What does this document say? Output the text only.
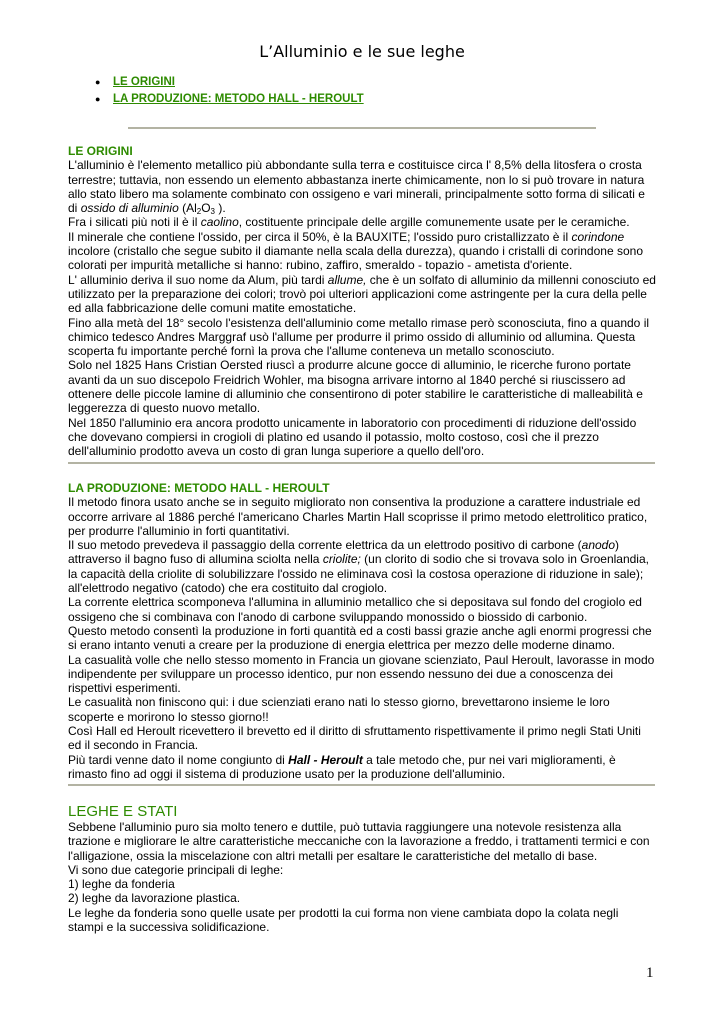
L’Alluminio e le sue leghe
● LE ORIGINI
● LA PRODUZIONE: METODO HALL - HEROULT

LE ORIGINI

L'alluminio è l'elemento metallico più abbondante sulla terra e costituisce circa l' 8,5% della litosfera o crosta terrestre; tuttavia, non essendo un elemento abbastanza inerte chimicamente, non lo si può trovare in natura allo stato libero ma solamente combinato con ossigeno e vari minerali, principalmente sotto forma di silicati e di ossido di alluminio ($Al_2O_3$ ).

Fra i silicati più noti il è il caolino, costituente principale delle argille comunemente usate per le ceramiche.

Il minerale che contiene l'ossido, per circa il 50%, è la BAUXITE; l'ossido puro cristallizzato è il corindone incolore (cristallo che segue subito il diamante nella scala della durezza), quando i cristalli di corindone sono colorati per impurità metalliche si hanno: rubino, zaffiro, smeraldo - topazio - ametista d'oriente.

L' alluminio deriva il suo nome da Alum, più tardi allume, che è un solfato di alluminio da millenni conosciuto ed utilizzato per la preparazione dei colori; trovò poi ulteriori applicazioni come astringente per la cura della pelle ed alla fabbricazione delle comuni matite emostatiche.

Fino alla metà del 18° secolo l'esistenza dell'alluminio come metallo rimase però sconosciuta, fino a quando il chimico tedesco Andres Marggraf usò l'allume per produrre il primo ossido di alluminio od allumina. Questa scoperta fu importante perché fornì la prova che l'allume conteneva un metallo sconosciuto.

Solo nel 1825 Hans Cristian Oersted riuscì a produrre alcune gocce di alluminio, le ricerche furono portate avanti da un suo discepolo Freidrich Wohler, ma bisogna arrivare intorno al 1840 perché si riuscissero ad ottenere delle piccole lamine di alluminio che consentirono di poter stabilire le caratteristiche di malleabilità e leggerezza di questo nuovo metallo.

Nel 1850 l'alluminio era ancora prodotto unicamente in laboratorio con procedimenti di riduzione dell'ossido che dovevano compiersi in crogioli di platino ed usando il potassio, molto costoso, così che il prezzo dell'alluminio prodotto aveva un costo di gran lunga superiore a quello dell'oro.

LA PRODUZIONE: METODO HALL - HEROULT

Il metodo finora usato anche se in seguito migliorato non consentiva la produzione a carattere industriale ed occorre arrivare al 1886 perché l'americano Charles Martin Hall scoprisse il primo metodo elettrolitico pratico, per produrre l'alluminio in forti quantitativi.

Il suo metodo prevedeva il passaggio della corrente elettrica da un elettrodo positivo di carbone (anodo) attraverso il bagno fuso di allumina sciolta nella criolite; (un clorito di sodio che si trovava solo in Groenlandia, la capacità della criolite di solubilizzare l'ossido ne eliminava così la costosa operazione di riduzione in sale); all'elettrodo negativo (catodo) che era costituito dal crogiolo.

La corrente elettrica scomponeva l'allumina in alluminio metallico che si depositava sul fondo del crogiolo ed ossigeno che si combinava con l'anodo di carbone sviluppando monossido o biossido di carbonio.

Questo metodo consentì la produzione in forti quantità ed a costi bassi grazie anche agli enormi progressi che si erano intanto venuti a creare per la produzione di energia elettrica per mezzo delle moderne dinamo.

La casualità volle che nello stesso momento in Francia un giovane scienziato, Paul Heroult, lavorasse in modo indipendente per sviluppare un processo identico, pur non essendo nessuno dei due a conoscenza dei rispettivi esperimenti.

Le casualità non finiscono qui: i due scienziati erano nati lo stesso giorno, brevettarono insieme le loro scoperte e morirono lo stesso giorno!!

Così Hall ed Heroult ricevettero il brevetto ed il diritto di sfruttamento rispettivamente il primo negli Stati Uniti ed il secondo in Francia.

Più tardi venne dato il nome congiunto di Hall - Heroult a tale metodo che, pur nei vari miglioramenti, è rimasto fino ad oggi il sistema di produzione usato per la produzione dell'alluminio.

LEGHE E STATI

Sebbene l'alluminio puro sia molto tenero e duttile, può tuttavia raggiungere una notevole resistenza alla trazione e migliorare le altre caratteristiche meccaniche con la lavorazione a freddo, i trattamenti termici e con l'alligazione, ossia la miscelazione con altri metalli per esaltare le caratteristiche del metallo di base.

Vi sono due categorie principali di leghe:

1) leghe da fonderia

2) leghe da lavorazione plastica.

Le leghe da fonderia sono quelle usate per prodotti la cui forma non viene cambiata dopo la colata negli stampi e la successiva solidificazione.

1
